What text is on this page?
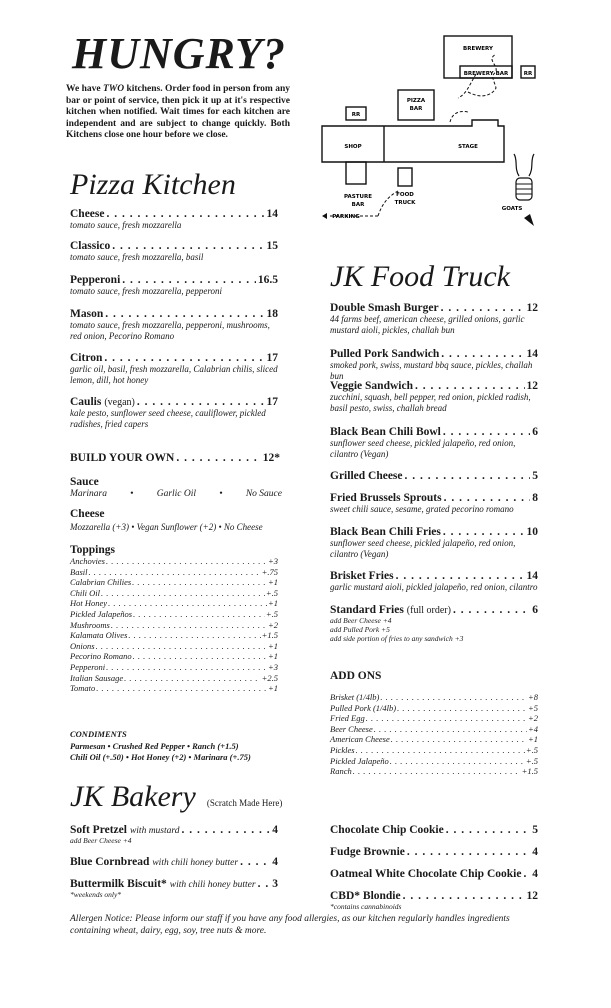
HUNGRY?
We have TWO kitchens. Order food in person from any bar or point of service, then pick it up at it's respective kitchen when notified. Wait times for each kitchen are independent and are subject to change quickly. Both Kitchens close one hour before we close.
BREWERY
BREWERY BAR	RR
PIZZA
BAR
RR
SHOP	STAGE
PASTURE
BAR
FOOD
TRUCK
PARKING
GOATS
Pizza Kitchen
Cheese . . .	14
tomato sauce, fresh mozzarella
Classico . . .	15
tomato sauce, fresh mozzarella, basil
Pepperoni . . .	16.5
tomato sauce, fresh mozzarella, pepperoni
Mason . . .	18
tomato sauce, fresh mozzarella, pepperoni, mushrooms, red onion, Pecorino Romano
Citron . . .	17
garlic oil, basil, fresh mozzarella, Calabrian chilis, sliced lemon, dill, hot honey
Caulis (vegan) . . .	17
kale pesto, sunflower seed cheese, cauliflower, pickled radishes, fried capers
BUILD YOUR OWN . . .	12*
Sauce
Marinara • Garlic Oil • No Sauce
Cheese
Mozzarella (+3) • Vegan Sunflower (+2) • No Cheese
Toppings
Anchovies . . .	+3
Basil . . .	+.75
Calabrian Chilies . . .	+1
Chili Oil . . .	+.5
Hot Honey . . .	+1
Pickled Jalapeños . . .	+.5
Mushrooms . . .	+2
Kalamata Olives . . .	+1.5
Onions . . .	+1
Pecorino Romano . . .	+1
Pepperoni . . .	+3
Italian Sausage . . .	+2.5
Tomato . . .	+1
CONDIMENTS
Parmesan • Crushed Red Pepper • Ranch (+1.5)
Chili Oil (+.50) • Hot Honey (+2) • Marinara (+.75)
JK Food Truck
Double Smash Burger . . .	12
44 farms beef, american cheese, grilled onions, garlic mustard aioli, pickles, challah bun
Pulled Pork Sandwich . . .	14
smoked pork, swiss, mustard bbq sauce, pickles, challah bun
Veggie Sandwich . . .	12
zucchini, squash, bell pepper, red onion, pickled radish, basil pesto, swiss, challah bread
Black Bean Chili Bowl . . .	6
sunflower seed cheese, pickled jalapeño, red onion, cilantro (Vegan)
Grilled Cheese . . .	5
Fried Brussels Sprouts . . .	8
sweet chili sauce, sesame, grated pecorino romano
Black Bean Chili Fries . . .	10
sunflower seed cheese, pickled jalapeño, red onion, cilantro (Vegan)
Brisket Fries . . .	14
garlic mustard aioli, pickled jalapeño, red onion, cilantro
Standard Fries (full order) . . .	6
add Beer Cheese +4
add Pulled Pork +5
add side portion of fries to any sandwich +3
ADD ONS
Brisket (1/4lb) . . .	+8
Pulled Pork (1/4lb) . . .	+5
Fried Egg . . .	+2
Beer Cheese . . .	+4
American Cheese . . .	+1
Pickles . . .	+.5
Pickled Jalapeño . . .	+.5
Ranch . . .	+1.5
JK Bakery (Scratch Made Here)
Soft Pretzel with mustard . . .	4
add Beer Cheese +4
Blue Cornbread with chili honey butter . . .	4
Buttermilk Biscuit* with chili honey butter . . . 3
*weekends only*
Chocolate Chip Cookie . . .	5
Fudge Brownie . . .	4
Oatmeal White Chocolate Chip Cookie . . . 4
CBD* Blondie . . .	12
*contains cannabinoids
Allergen Notice: Please inform our staff if you have any food allergies, as our kitchen regularly handles ingredients containing wheat, dairy, egg, soy, tree nuts & more.
